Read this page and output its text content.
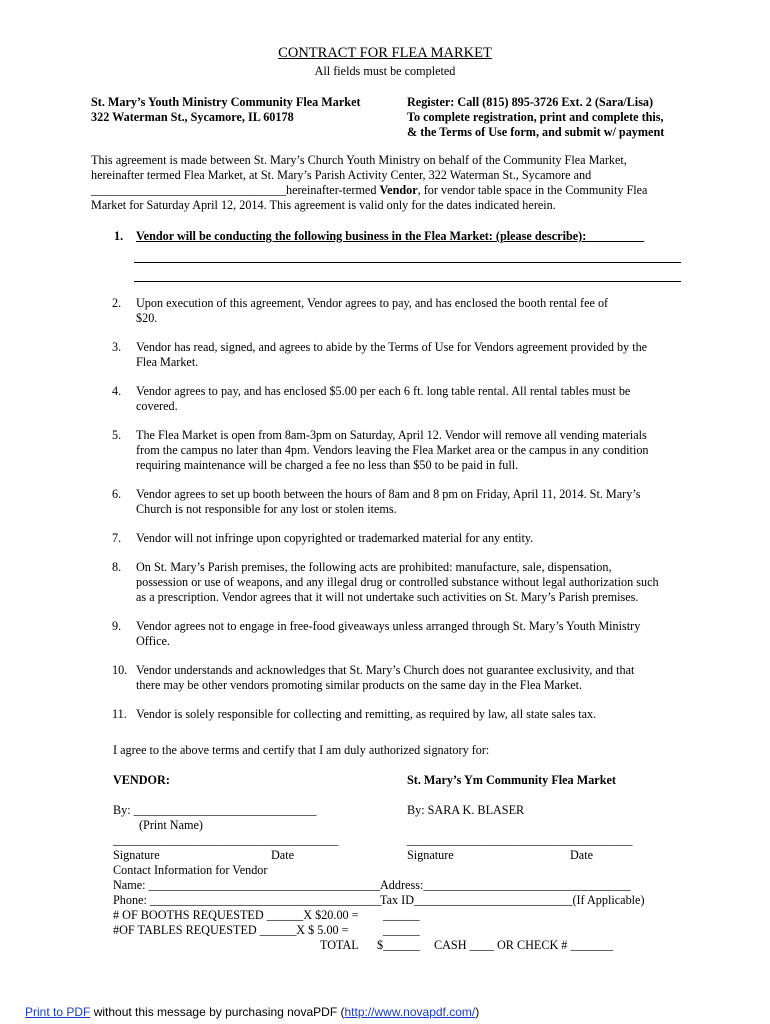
CONTRACT FOR FLEA MARKET
All fields must be completed
St. Mary’s Youth Ministry Community Flea Market
322 Waterman St., Sycamore, IL 60178
Register: Call (815) 895-3726 Ext. 2 (Sara/Lisa)
To complete registration, print and complete this,
& the Terms of Use form, and submit w/ payment
This agreement is made between St. Mary’s Church Youth Ministry on behalf of the Community Flea Market,
hereinafter termed Flea Market, at St. Mary’s Parish Activity Center, 322 Waterman St., Sycamore and
________________________________hereinafter-termed Vendor, for vendor table space in the Community Flea
Market for Saturday April 12, 2014. This agreement is valid only for the dates indicated herein.
1. Vendor will be conducting the following business in the Flea Market: (please describe):
2.	Upon execution of this agreement, Vendor agrees to pay, and has enclosed the booth rental fee of
$20.
3.	Vendor has read, signed, and agrees to abide by the Terms of Use for Vendors agreement provided by the
Flea Market.
4.	Vendor agrees to pay, and has enclosed $5.00 per each 6 ft. long table rental. All rental tables must be
covered.
5.	The Flea Market is open from 8am-3pm on Saturday, April 12. Vendor will remove all vending materials
from the campus no later than 4pm. Vendors leaving the Flea Market area or the campus in any condition
requiring maintenance will be charged a fee no less than $50 to be paid in full.
6.	Vendor agrees to set up booth between the hours of 8am and 8 pm on Friday, April 11, 2014. St. Mary’s
Church is not responsible for any lost or stolen items.
7.	Vendor will not infringe upon copyrighted or trademarked material for any entity.
8.	On St. Mary’s Parish premises, the following acts are prohibited: manufacture, sale, dispensation,
possession or use of weapons, and any illegal drug or controlled substance without legal authorization such
as a prescription. Vendor agrees that it will not undertake such activities on St. Mary’s Parish premises.
9.	Vendor agrees not to engage in free-food giveaways unless arranged through St. Mary’s Youth Ministry
Office.
10. Vendor understands and acknowledges that St. Mary’s Church does not guarantee exclusivity, and that
there may be other vendors promoting similar products on the same day in the Flea Market.
11. Vendor is solely responsible for collecting and remitting, as required by law, all state sales tax.
I agree to the above terms and certify that I am duly authorized signatory for:
VENDOR:	St. Mary’s Ym Community Flea Market
By: ______________________________	By: SARA K. BLASER
(Print Name)
_____________________________________	_____________________________________
Signature	Date	Signature	Date
Contact Information for Vendor
Name: ______________________________________ Address:__________________________________
Phone: ______________________________________
Tax ID__________________________(If Applicable)
# OF BOOTHS REQUESTED ______X $20.00 = ______
#OF TABLES REQUESTED ______X $ 5.00 =	______
TOTAL $______ CASH ____ OR CHECK # _______
Print to PDF without this message by purchasing novaPDF (http://www.novapdf.com/)
